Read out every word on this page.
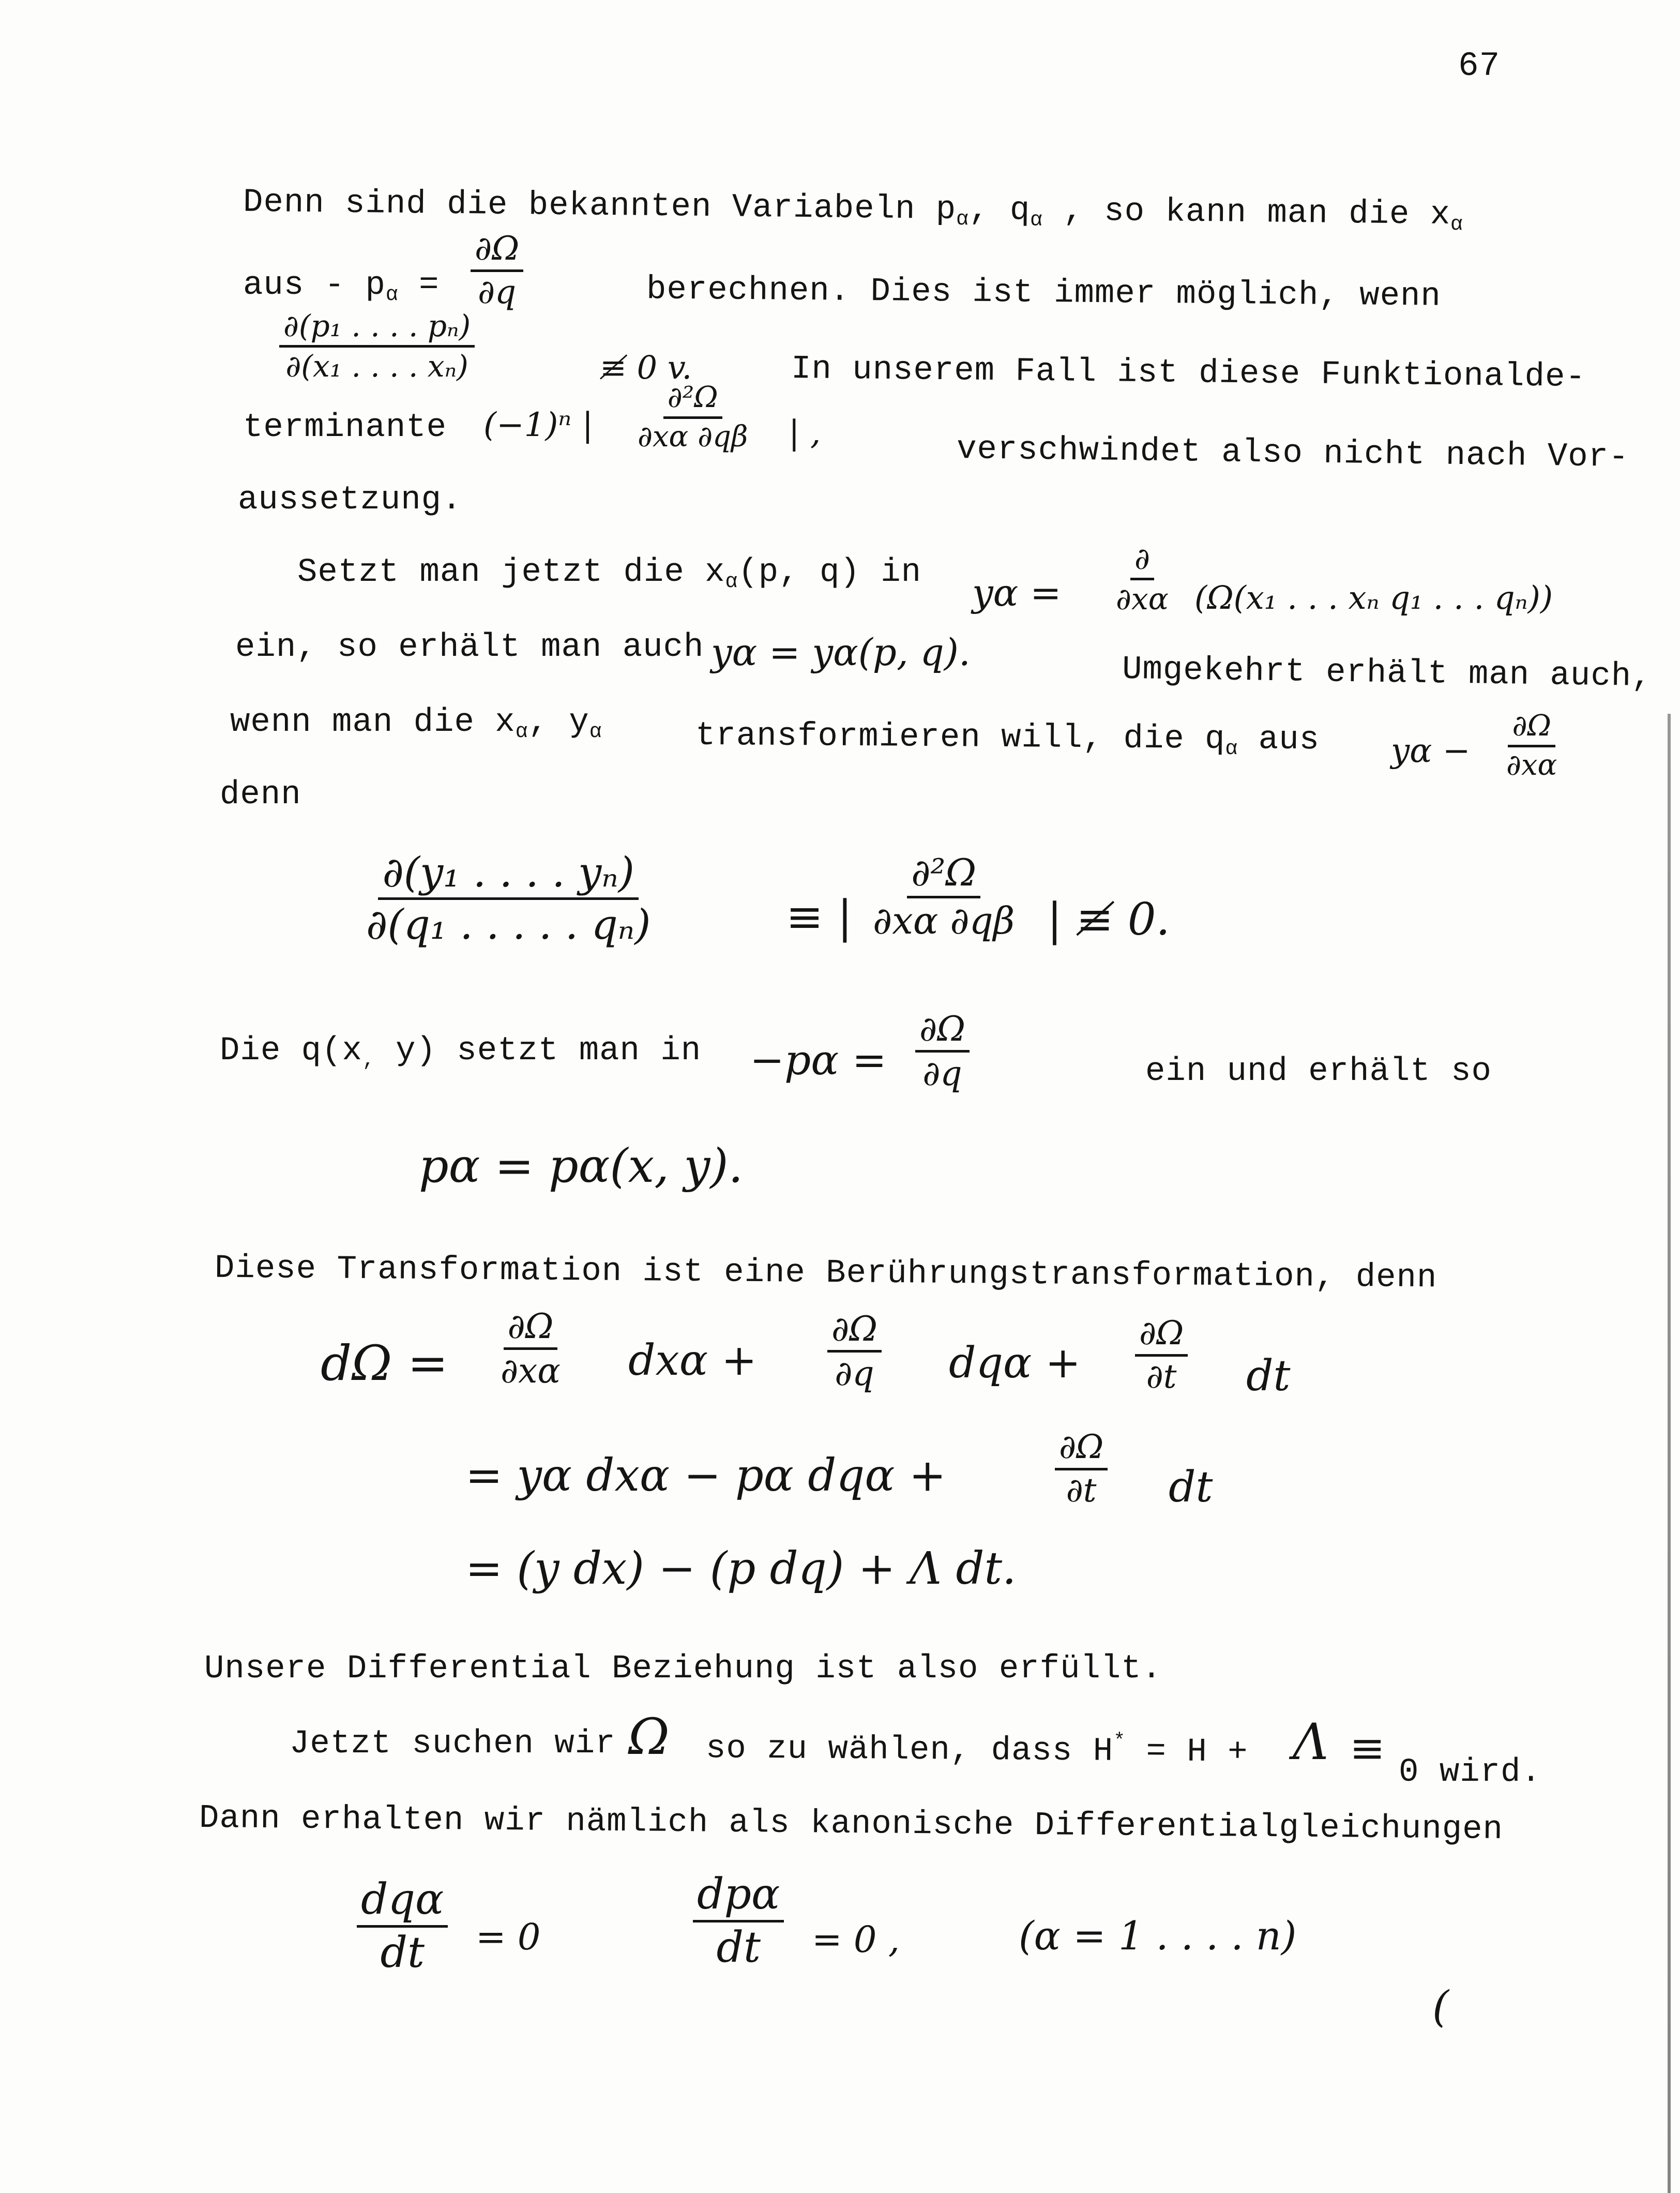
67
Denn sind die bekannten Variabeln $p_\alpha$, $q_\alpha$ , so kann man die $x_\alpha$
aus - $p_\alpha = \frac{\partial\Omega}{\partial q}$	berechnen. Dies ist immer möglich, wenn
$\frac{\text{∂(p₁ . . . . pₙ)}}{\text{∂(x₁ . . . . xₙ)}}$	≢ 0 v.	In unserem Fall ist diese Funktionalde-
terminante (−1)ⁿ | $\frac{\text{∂²Ω}}{\partial x\alpha \partial q\beta}$ | ,	verschwindet also nicht nach Vor-
aussetzung.
Setzt man jetzt die $x_\alpha(p$, q) in yα =
∂
∂xα (Ω(x₁ . . . xₙ q₁ . . . qₙ))
ein, so erhält man auch yα = yα(p, q).	Umgekehrt erhält man auch,
wenn man die $x_\alpha$, $y_\alpha$	transformieren will, die $q_\alpha$ aus $y\alpha - \frac{\partial\Omega}{\partial x\alpha}$
denn
$\frac{\text{∂(y₁ . . . . yₙ)}}{\text{∂(q₁ . . . . . qₙ)}}$	≡ | $\frac{\text{∂²Ω}}{\partial x\alpha \partial q\beta}$ | ≢ 0.
Die $q(x_,$ y) setzt man in $-p\alpha = \frac{\partial\Omega}{\partial q}$	ein und erhält so
pα = pα(x, y).
Diese Transformation ist eine Berührungstransformation, denn
$d\Omega = \frac{\partial\Omega}{\partial x\alpha}$ $dx\alpha + \frac{\partial\Omega}{\partial q}$ $dq\alpha + \frac{\partial\Omega}{\partial t}$ dt
= yα dxα − pα dqα +	$\frac{\partial\Omega}{\partial t}$ dt
= (y dx) − (p dq) + Λ dt.
Unsere Differential Beziehung ist also erfüllt.
Jetzt suchen wir Ω so zu wählen, dass H* = H + Λ ≡ 0 wird.
Dann erhalten wir nämlich als kanonische Differentialgleichungen
dqα
dt = 0
dpα
dt = 0 ,	(α = 1 . . . . n)
(
